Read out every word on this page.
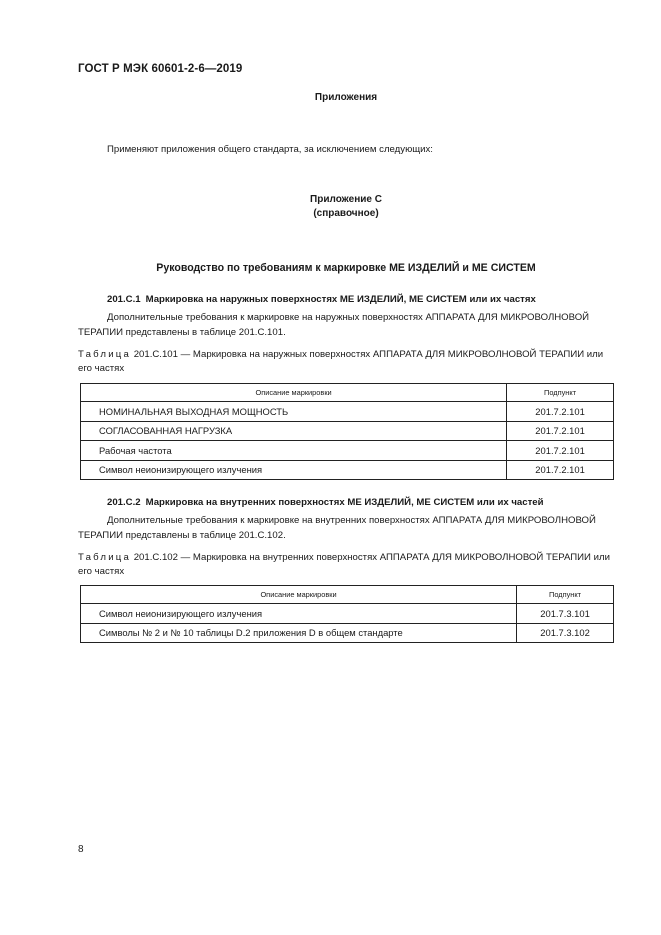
ГОСТ Р МЭК 60601-2-6—2019
Приложения
Применяют приложения общего стандарта, за исключением следующих:
Приложение С
(справочное)
Руководство по требованиям к маркировке МЕ ИЗДЕЛИЙ и МЕ СИСТЕМ
201.С.1 Маркировка на наружных поверхностях МЕ ИЗДЕЛИЙ, МЕ СИСТЕМ или их частях
Дополнительные требования к маркировке на наружных поверхностях АППАРАТА ДЛЯ МИКРОВОЛНОВОЙ ТЕРАПИИ представлены в таблице 201.С.101.
Таблица 201.С.101 — Маркировка на наружных поверхностях АППАРАТА ДЛЯ МИКРОВОЛНОВОЙ ТЕРАПИИ или его частях
Описание маркировки	Подпункт
НОМИНАЛЬНАЯ ВЫХОДНАЯ МОЩНОСТЬ	201.7.2.101
СОГЛАСОВАННАЯ НАГРУЗКА	201.7.2.101
Рабочая частота	201.7.2.101
Символ неионизирующего излучения	201.7.2.101
201.С.2 Маркировка на внутренних поверхностях МЕ ИЗДЕЛИЙ, МЕ СИСТЕМ или их частей
Дополнительные требования к маркировке на внутренних поверхностях АППАРАТА ДЛЯ МИКРОВОЛНОВОЙ ТЕРАПИИ представлены в таблице 201.С.102.
Таблица 201.С.102 — Маркировка на внутренних поверхностях АППАРАТА ДЛЯ МИКРОВОЛНОВОЙ ТЕРАПИИ или его частях
Описание маркировки	Подпункт
Символ неионизирующего излучения	201.7.3.101
Символы № 2 и № 10 таблицы D.2 приложения D в общем стандарте	201.7.3.102
8
